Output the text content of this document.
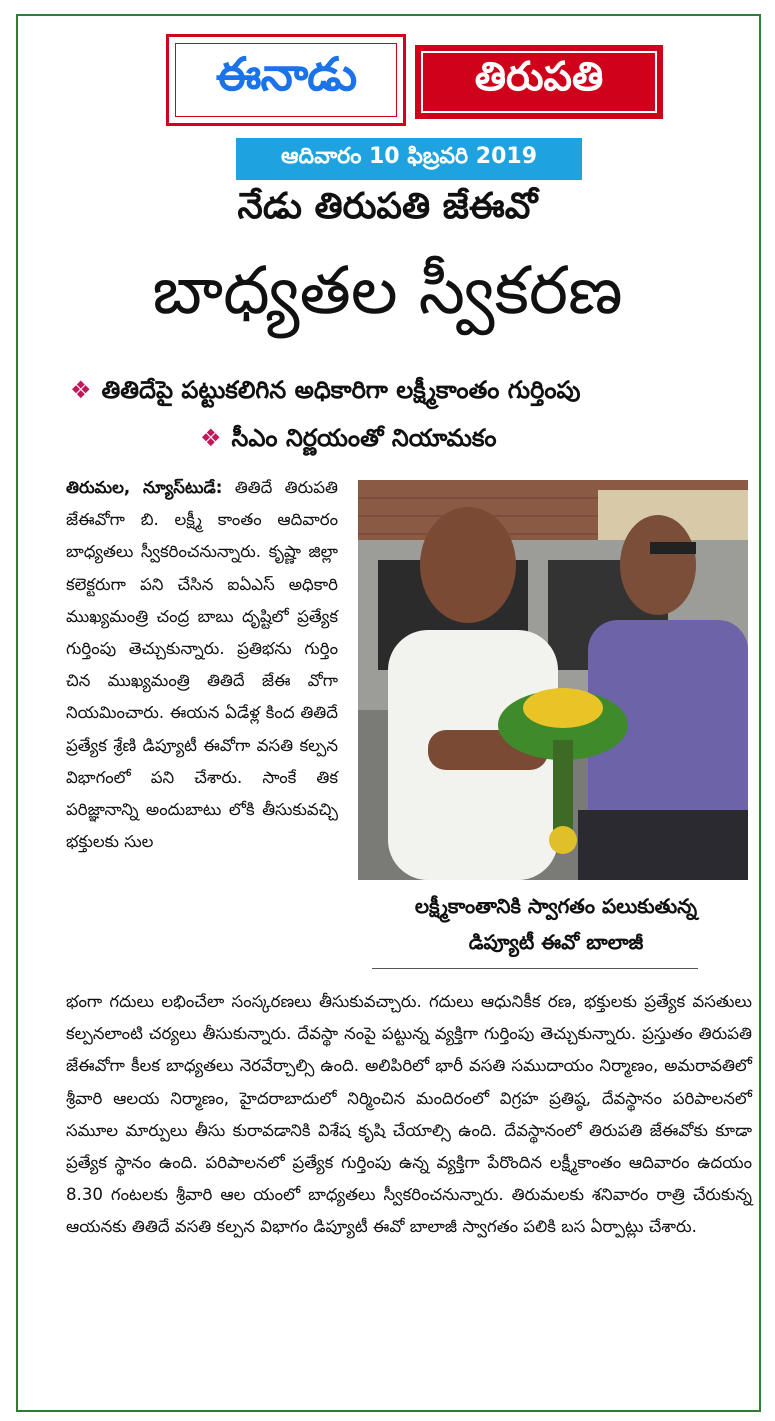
ఈనాడు	తిరుపతి
ఆదివారం 10 ఫిబ్రవరి 2019
నేడు తిరుపతి జేఈవో
బాధ్యతల స్వీకరణ
❖ తితిదేపై పట్టుకలిగిన అధికారిగా లక్ష్మీకాంతం గుర్తింపు
❖ సీఎం నిర్ణయంతో నియామకం
తిరుమల, న్యూస్‌టుడే: తితిదే తిరుపతి జేఈవోగా బి. లక్ష్మీ కాంతం ఆదివారం బాధ్యతలు స్వీకరించనున్నారు. కృష్ణా జిల్లా కలెక్టరుగా పని చేసిన ఐఏఎస్ అధికారి ముఖ్యమంత్రి చంద్ర బాబు దృష్టిలో ప్రత్యేక గుర్తింపు తెచ్చుకున్నారు. ప్రతిభను గుర్తిం చిన ముఖ్యమంత్రి తితిదే జేఈ వోగా నియమించారు. ఈయన ఏడేళ్ల కింద తితిదే ప్రత్యేక శ్రేణి డిప్యూటీ ఈవోగా వసతి కల్పన విభాగంలో పని చేశారు. సాంకే తిక పరిజ్ఞానాన్ని అందుబాటు లోకి తీసుకువచ్చి భక్తులకు సుల
లక్ష్మీకాంతానికి స్వాగతం పలుకుతున్న
డిప్యూటీ ఈవో బాలాజీ
భంగా గదులు లభించేలా సంస్కరణలు తీసుకువచ్చారు. గదులు ఆధునికీక రణ, భక్తులకు ప్రత్యేక వసతులు కల్పనలాంటి చర్యలు తీసుకున్నారు. దేవస్థా నంపై పట్టున్న వ్యక్తిగా గుర్తింపు తెచ్చుకున్నారు. ప్రస్తుతం తిరుపతి జేఈవోగా కీలక బాధ్యతలు నెరవేర్చాల్సి ఉంది. అలిపిరిలో భారీ వసతి సముదాయం నిర్మాణం, అమరావతిలో శ్రీవారి ఆలయ నిర్మాణం, హైదరాబాదులో నిర్మించిన మందిరంలో విగ్రహ ప్రతిష్ఠ, దేవస్థానం పరిపాలనలో సమూల మార్పులు తీసు కురావడానికి విశేష కృషి చేయాల్సి ఉంది. దేవస్థానంలో తిరుపతి జేఈవోకు కూడా ప్రత్యేక స్థానం ఉంది. పరిపాలనలో ప్రత్యేక గుర్తింపు ఉన్న వ్యక్తిగా పేరొందిన లక్ష్మీకాంతం ఆదివారం ఉదయం 8.30 గంటలకు శ్రీవారి ఆల యంలో బాధ్యతలు స్వీకరించనున్నారు. తిరుమలకు శనివారం రాత్రి చేరుకున్న ఆయనకు తితిదే వసతి కల్పన విభాగం డిప్యూటీ ఈవో బాలాజీ స్వాగతం పలికి బస ఏర్పాట్లు చేశారు.
